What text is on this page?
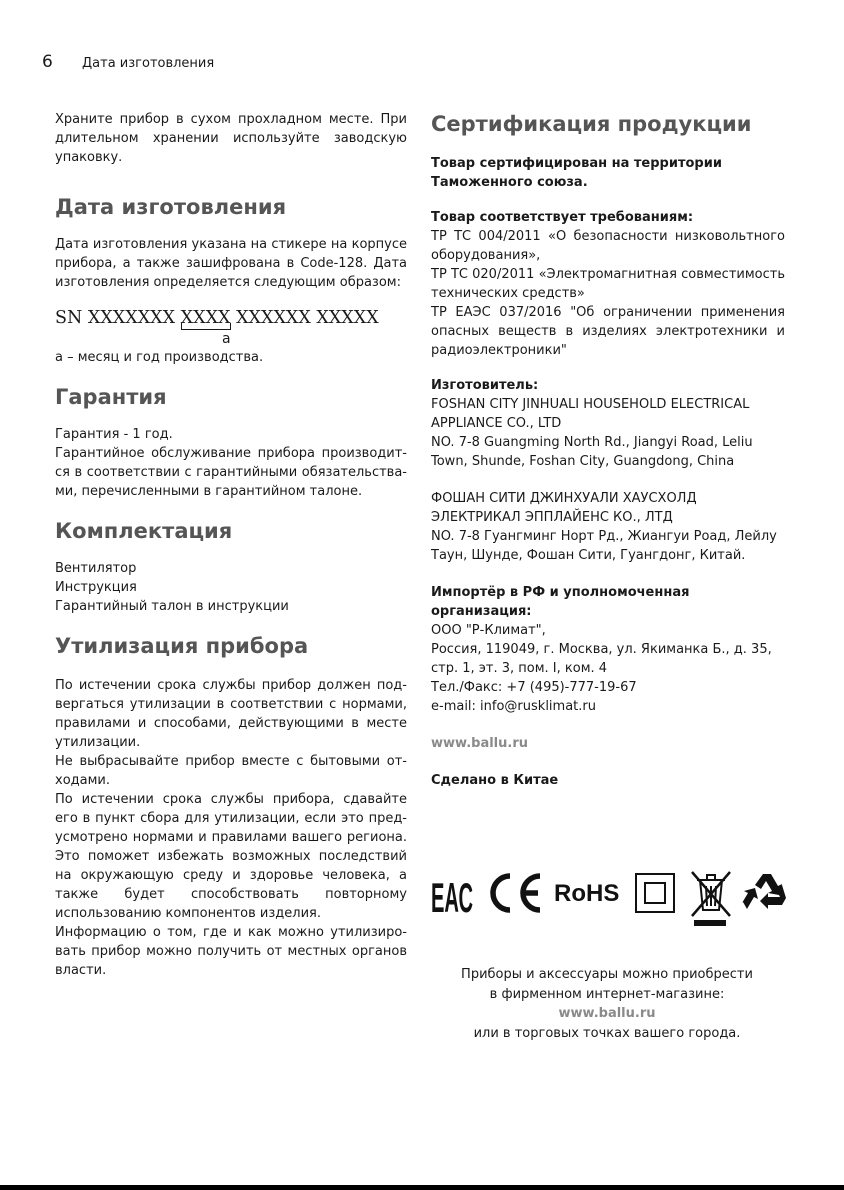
6 Дата изготовления

Храните прибор в сухом прохладном месте. При длительном хранении используйте заводскую упаковку.

Дата изготовления

Дата изготовления указана на стикере на корпусе прибора, а также зашифрована в Code-128. Дата изготовления определяется следующим образом:

SN XXXXXXX XXXX XXXXXX XXXXX

a

а – месяц и год производства.

Гарантия

Гарантия - 1 год.

Гарантийное обслуживание прибора производит-ся в соответствии с гарантийными обязательства-ми, перечисленными в гарантийном талоне.

Комплектация

Вентилятор

Инструкция

Гарантийный талон в инструкции

Утилизация прибора

По истечении срока службы прибор должен под-вергаться утилизации в соответствии с нормами, правилами и способами, действующими в месте утилизации.

Не выбрасывайте прибор вместе с бытовыми от-ходами.

По истечении срока службы прибора, сдавайте его в пункт сбора для утилизации, если это пред-усмотрено нормами и правилами вашего региона. Это поможет избежать возможных последствий на окружающую среду и здоровье человека, а также будет способствовать повторному использованию компонентов изделия.

Информацию о том, где и как можно утилизиро-вать прибор можно получить от местных органов власти.

Сертификация продукции

Товар сертифицирован на территории Таможенного союза.

Товар соответствует требованиям:

ТР ТС 004/2011 «О безопасности низковольтного оборудования»,

ТР ТС 020/2011 «Электромагнитная совместимость технических средств»

ТР ЕАЭС 037/2016 "Об ограничении применения опасных веществ в изделиях электротехники и радиоэлектроники"

Изготовитель:

FOSHAN CITY JINHUALI HOUSEHOLD ELECTRICAL APPLIANCE CO., LTD

NO. 7-8 Guangming North Rd., Jiangyi Road, Leliu Town, Shunde, Foshan City, Guangdong, China

ФОШАН СИТИ ДЖИНХУАЛИ ХАУСХОЛД ЭЛЕКТРИКАЛ ЭППЛАЙЕНС КО., ЛТД

NO. 7-8 Гуангминг Норт Рд., Жиангуи Роад, Лейлу Таун, Шунде, Фошан Сити, Гуангдонг, Китай.

Импортёр в РФ и уполномоченная организация:

ООО "Р-Климат",

Россия, 119049, г. Москва, ул. Якиманка Б., д. 35,

стр. 1, эт. 3, пом. I, ком. 4

Тел./Факс: +7 (495)-777-19-67

e-mail: info@rusklimat.ru

www.ballu.ru

Сделано в Китае

ЕАС	RoHS

Приборы и аксессуары можно приобрести

в фирменном интернет-магазине:

www.ballu.ru

или в торговых точках вашего города.
